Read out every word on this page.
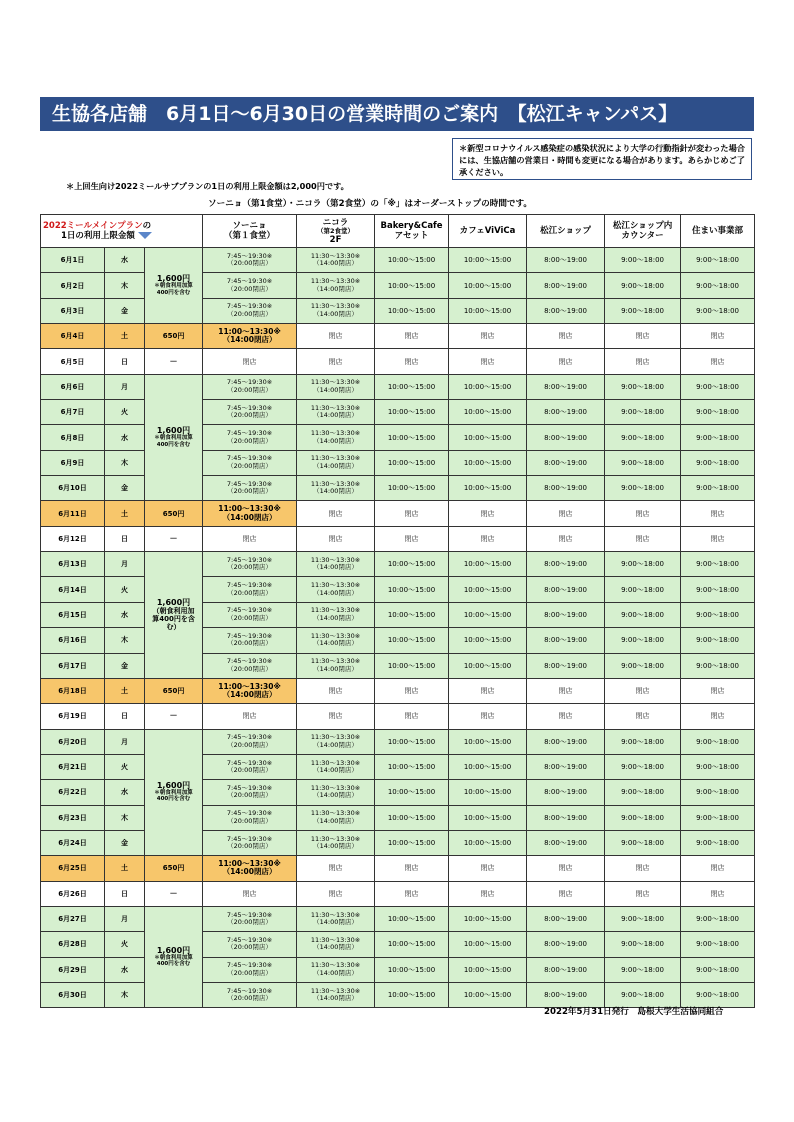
生協各店舗　6月1日～6月30日の営業時間のご案内　【松江キャンパス】
＊新型コロナウイルス感染症の感染状況により大学の行動指針が変わった場合には、生協店舗の営業日・時間も変更になる場合があります。あらかじめご了承ください。
＊上回生向け2022ミールサブプランの1日の利用上限金額は2,000円です。
ソーニョ（第1食堂）・ニコラ（第2食堂）の「※」はオーダーストップの時間です。
2022ミールメインプランの
1日の利用上限金額			ソーニョ
（第１食堂）	ニコラ
（第2食堂）
2F	Bakery&Cafe
アセット	カフェViViCa	松江ショップ	松江ショップ内
カウンター	住まい事業部
6月1日	水	1,600円
＊朝食利用加算
400円を含む	7:45～19:30※
（20:00閉店）	11:30～13:30※
（14:00閉店）	10:00～15:00	10:00～15:00	8:00～19:00	9:00～18:00	9:00～18:00
6月2日	木		7:45～19:30※
（20:00閉店）	11:30～13:30※
（14:00閉店）	10:00～15:00	10:00～15:00	8:00～19:00	9:00～18:00	9:00～18:00
6月3日	金		7:45～19:30※
（20:00閉店）	11:30～13:30※
（14:00閉店）	10:00～15:00	10:00～15:00	8:00～19:00	9:00～18:00	9:00～18:00
6月4日	土	650円	11:00～13:30※
（14:00閉店）	閉店	閉店	閉店	閉店	閉店	閉店
6月5日	日	－	閉店	閉店	閉店	閉店	閉店	閉店	閉店
6月6日	月	1,600円
＊朝食利用加算
400円を含む	7:45～19:30※
（20:00閉店）	11:30～13:30※
（14:00閉店）	10:00～15:00	10:00～15:00	8:00～19:00	9:00～18:00	9:00～18:00
6月7日	火		7:45～19:30※
（20:00閉店）	11:30～13:30※
（14:00閉店）	10:00～15:00	10:00～15:00	8:00～19:00	9:00～18:00	9:00～18:00
6月8日	水		7:45～19:30※
（20:00閉店）	11:30～13:30※
（14:00閉店）	10:00～15:00	10:00～15:00	8:00～19:00	9:00～18:00	9:00～18:00
6月9日	木		7:45～19:30※
（20:00閉店）	11:30～13:30※
（14:00閉店）	10:00～15:00	10:00～15:00	8:00～19:00	9:00～18:00	9:00～18:00
6月10日	金		7:45～19:30※
（20:00閉店）	11:30～13:30※
（14:00閉店）	10:00～15:00	10:00～15:00	8:00～19:00	9:00～18:00	9:00～18:00
6月11日	土	650円	11:00～13:30※
（14:00閉店）	閉店	閉店	閉店	閉店	閉店	閉店
6月12日	日	－	閉店	閉店	閉店	閉店	閉店	閉店	閉店
6月13日	月	1,600円
（朝食利用加
算400円を含
む）	7:45～19:30※
（20:00閉店）	11:30～13:30※
（14:00閉店）	10:00～15:00	10:00～15:00	8:00～19:00	9:00～18:00	9:00～18:00
6月14日	火		7:45～19:30※
（20:00閉店）	11:30～13:30※
（14:00閉店）	10:00～15:00	10:00～15:00	8:00～19:00	9:00～18:00	9:00～18:00
6月15日	水		7:45～19:30※
（20:00閉店）	11:30～13:30※
（14:00閉店）	10:00～15:00	10:00～15:00	8:00～19:00	9:00～18:00	9:00～18:00
6月16日	木		7:45～19:30※
（20:00閉店）	11:30～13:30※
（14:00閉店）	10:00～15:00	10:00～15:00	8:00～19:00	9:00～18:00	9:00～18:00
6月17日	金		7:45～19:30※
（20:00閉店）	11:30～13:30※
（14:00閉店）	10:00～15:00	10:00～15:00	8:00～19:00	9:00～18:00	9:00～18:00
6月18日	土	650円	11:00～13:30※
（14:00閉店）	閉店	閉店	閉店	閉店	閉店	閉店
6月19日	日	－	閉店	閉店	閉店	閉店	閉店	閉店	閉店
6月20日	月	1,600円
＊朝食利用加算
400円を含む	7:45～19:30※
（20:00閉店）	11:30～13:30※
（14:00閉店）	10:00～15:00	10:00～15:00	8:00～19:00	9:00～18:00	9:00～18:00
6月21日	火		7:45～19:30※
（20:00閉店）	11:30～13:30※
（14:00閉店）	10:00～15:00	10:00～15:00	8:00～19:00	9:00～18:00	9:00～18:00
6月22日	水		7:45～19:30※
（20:00閉店）	11:30～13:30※
（14:00閉店）	10:00～15:00	10:00～15:00	8:00～19:00	9:00～18:00	9:00～18:00
6月23日	木		7:45～19:30※
（20:00閉店）	11:30～13:30※
（14:00閉店）	10:00～15:00	10:00～15:00	8:00～19:00	9:00～18:00	9:00～18:00
6月24日	金		7:45～19:30※
（20:00閉店）	11:30～13:30※
（14:00閉店）	10:00～15:00	10:00～15:00	8:00～19:00	9:00～18:00	9:00～18:00
6月25日	土	650円	11:00～13:30※
（14:00閉店）	閉店	閉店	閉店	閉店	閉店	閉店
6月26日	日	－	閉店	閉店	閉店	閉店	閉店	閉店	閉店
6月27日	月	1,600円
＊朝食利用加算
400円を含む	7:45～19:30※
（20:00閉店）	11:30～13:30※
（14:00閉店）	10:00～15:00	10:00～15:00	8:00～19:00	9:00～18:00	9:00～18:00
6月28日	火		7:45～19:30※
（20:00閉店）	11:30～13:30※
（14:00閉店）	10:00～15:00	10:00～15:00	8:00～19:00	9:00～18:00	9:00～18:00
6月29日	水		7:45～19:30※
（20:00閉店）	11:30～13:30※
（14:00閉店）	10:00～15:00	10:00～15:00	8:00～19:00	9:00～18:00	9:00～18:00
6月30日	木		7:45～19:30※
（20:00閉店）	11:30～13:30※
（14:00閉店）	10:00～15:00	10:00～15:00	8:00～19:00	9:00～18:00	9:00～18:00
2022年5月31日発行　島根大学生活協同組合
